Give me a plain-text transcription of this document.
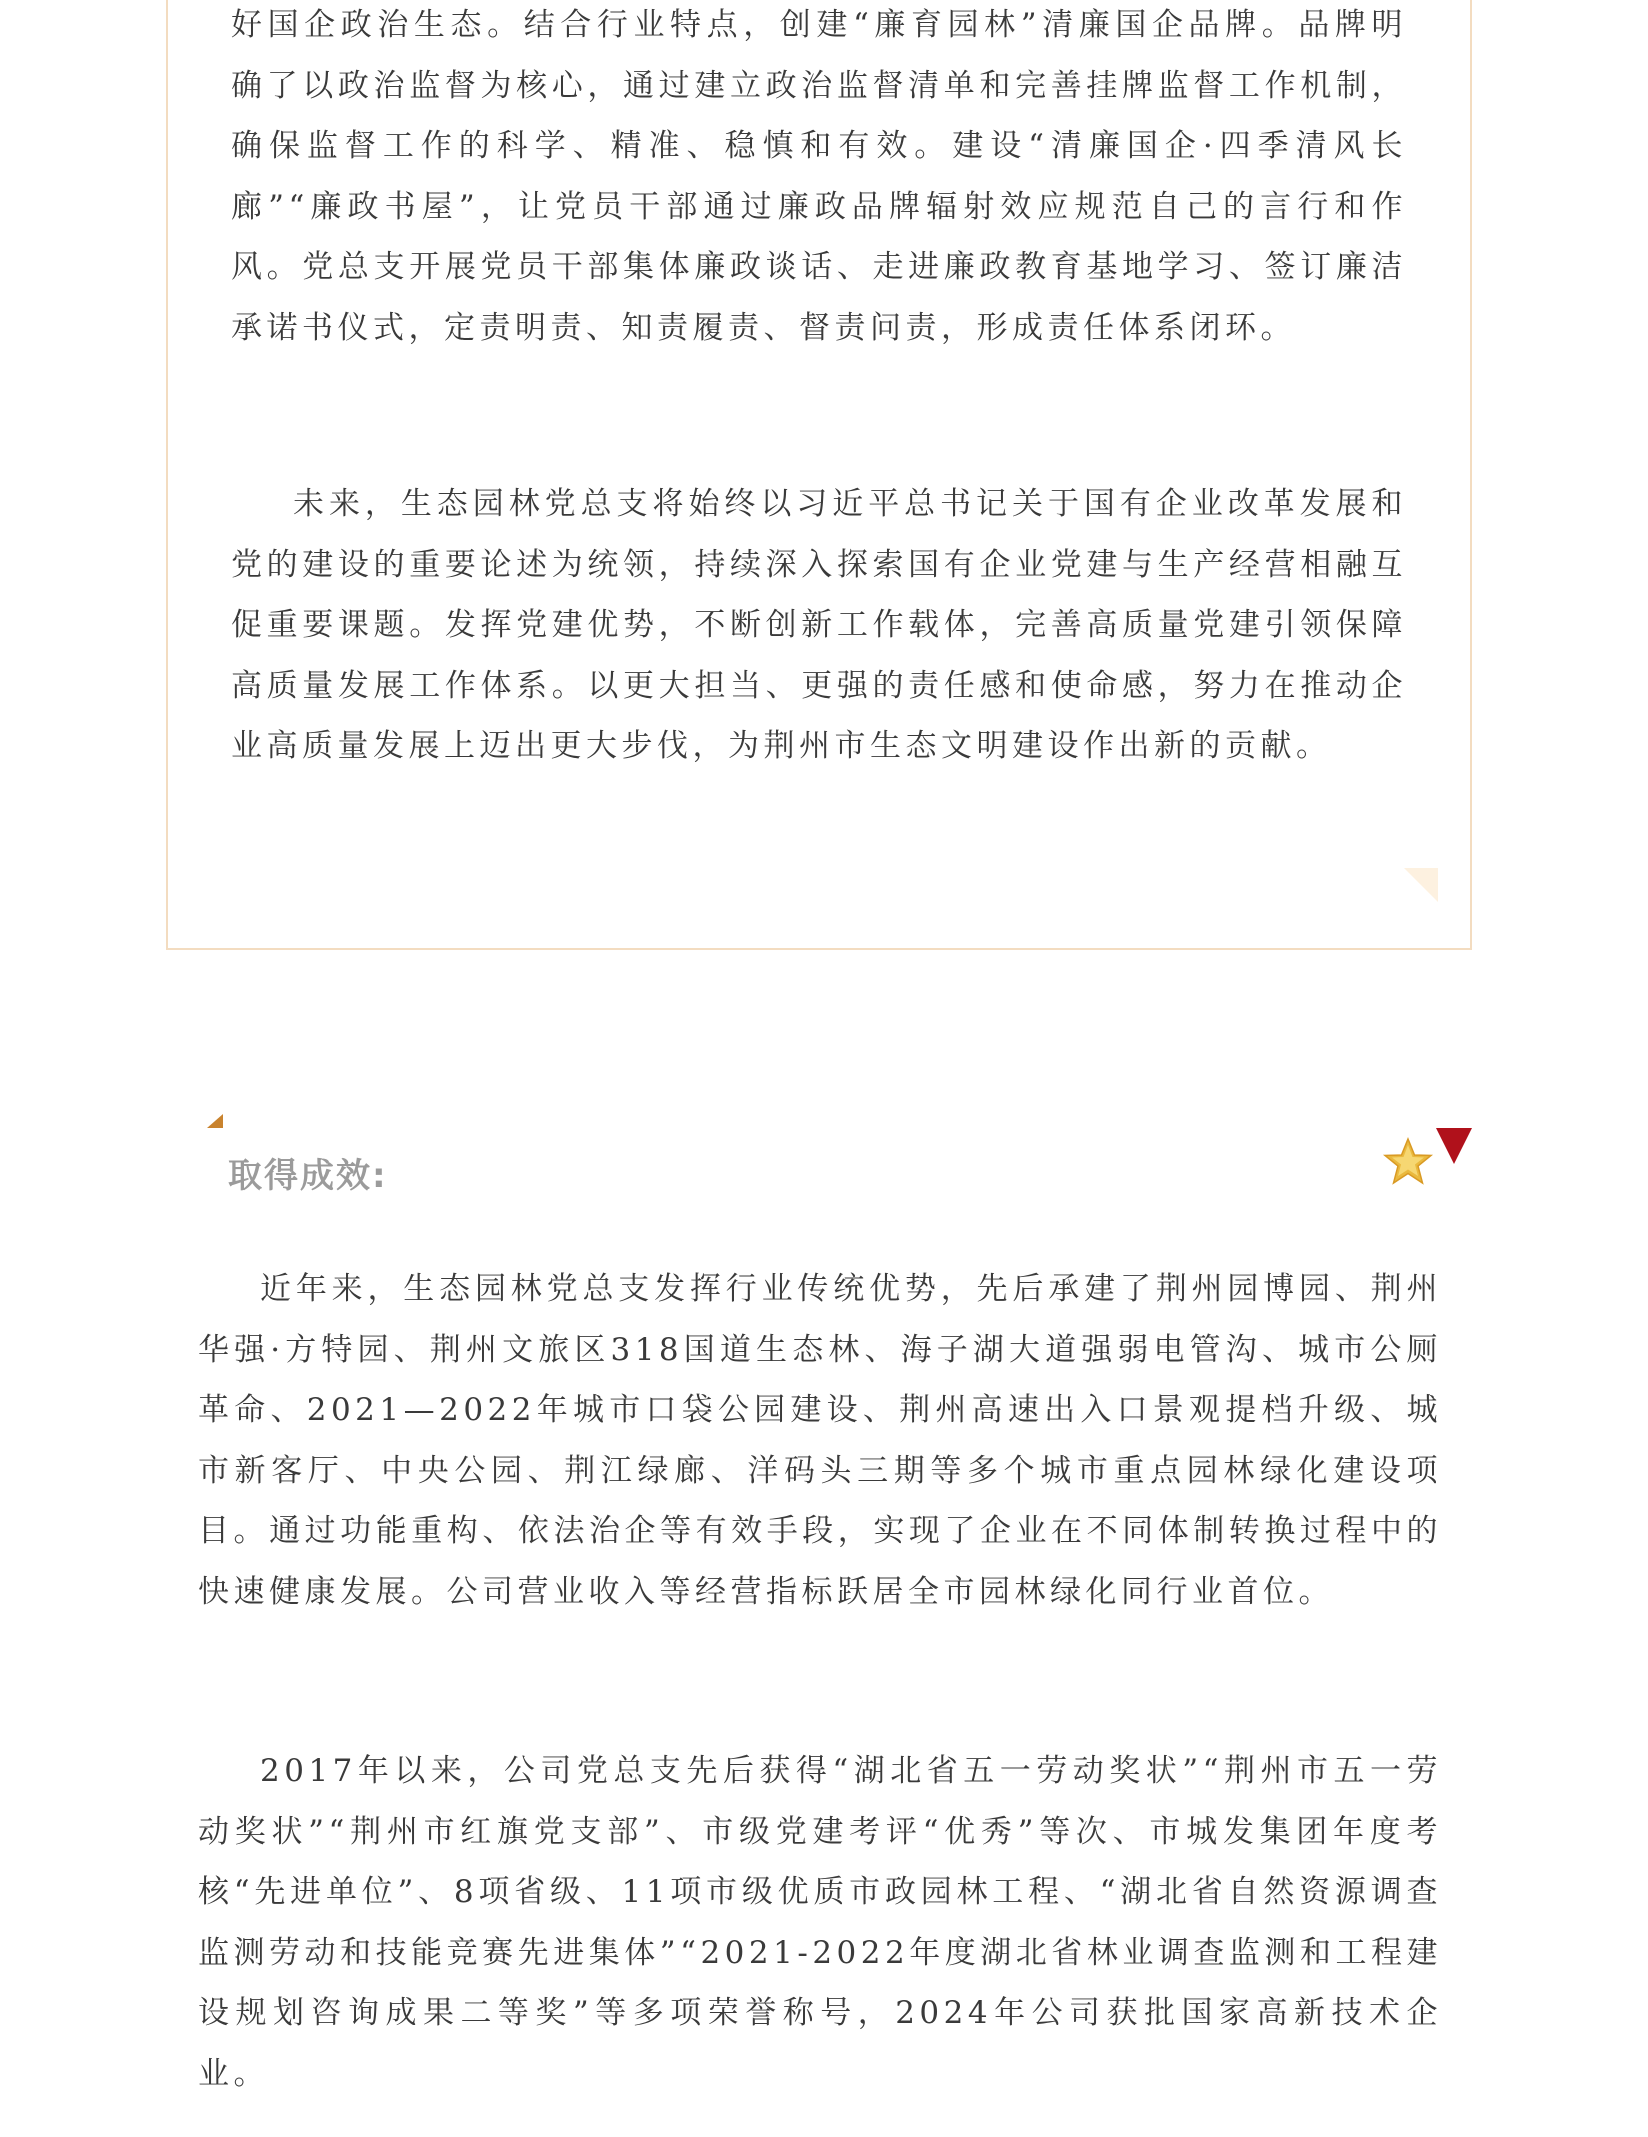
好国企政治生态。结合行业特点，创建“廉育园林”清廉国企品牌。品牌明确了以政治监督为核心，通过建立政治监督清单和完善挂牌监督工作机制，确保监督工作的科学、精准、稳慎和有效。建设“清廉国企·四季清风长廊”“廉政书屋”，让党员干部通过廉政品牌辐射效应规范自己的言行和作风。党总支开展党员干部集体廉政谈话、走进廉政教育基地学习、签订廉洁承诺书仪式，定责明责、知责履责、督责问责，形成责任体系闭环。

未来，生态园林党总支将始终以习近平总书记关于国有企业改革发展和党的建设的重要论述为统领，持续深入探索国有企业党建与生产经营相融互促重要课题。发挥党建优势，不断创新工作载体，完善高质量党建引领保障高质量发展工作体系。以更大担当、更强的责任感和使命感，努力在推动企业高质量发展上迈出更大步伐，为荆州市生态文明建设作出新的贡献。

取得成效:

近年来，生态园林党总支发挥行业传统优势，先后承建了荆州园博园、荆州华强·方特园、荆州文旅区318国道生态林、海子湖大道强弱电管沟、城市公厕革命、2021—2022年城市口袋公园建设、荆州高速出入口景观提档升级、城市新客厅、中央公园、荆江绿廊、洋码头三期等多个城市重点园林绿化建设项目。通过功能重构、依法治企等有效手段，实现了企业在不同体制转换过程中的快速健康发展。公司营业收入等经营指标跃居全市园林绿化同行业首位。

2017年以来，公司党总支先后获得“湖北省五一劳动奖状”“荆州市五一劳动奖状”“荆州市红旗党支部”、市级党建考评“优秀”等次、市城发集团年度考核“先进单位”、8项省级、11项市级优质市政园林工程、“湖北省自然资源调查监测劳动和技能竞赛先进集体”“2021-2022年度湖北省林业调查监测和工程建设规划咨询成果二等奖”等多项荣誉称号，2024年公司获批国家高新技术企业。
